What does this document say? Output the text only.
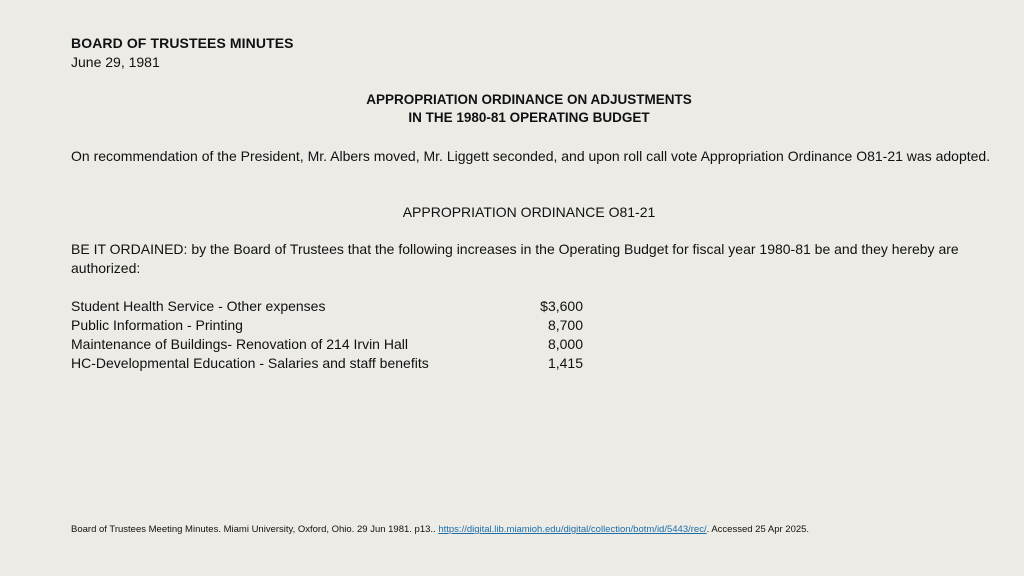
BOARD OF TRUSTEES MINUTES
June 29, 1981
APPROPRIATION ORDINANCE ON ADJUSTMENTS
IN THE 1980-81 OPERATING BUDGET
On recommendation of the President, Mr. Albers moved, Mr. Liggett seconded, and upon roll call vote Appropriation Ordinance O81-21 was adopted.
APPROPRIATION ORDINANCE O81-21
BE IT ORDAINED: by the Board of Trustees that the following increases in the Operating Budget for fiscal year 1980-81 be and they hereby are authorized:
Student Health Service - Other expenses	$3,600
Public Information - Printing	8,700
Maintenance of Buildings- Renovation of 214 Irvin Hall	8,000
HC-Developmental Education - Salaries and staff benefits	1,415
Board of Trustees Meeting Minutes. Miami University, Oxford, Ohio. 29 Jun 1981. p13.. https://digital.lib.miamioh.edu/digital/collection/botm/id/5443/rec/. Accessed 25 Apr 2025.
